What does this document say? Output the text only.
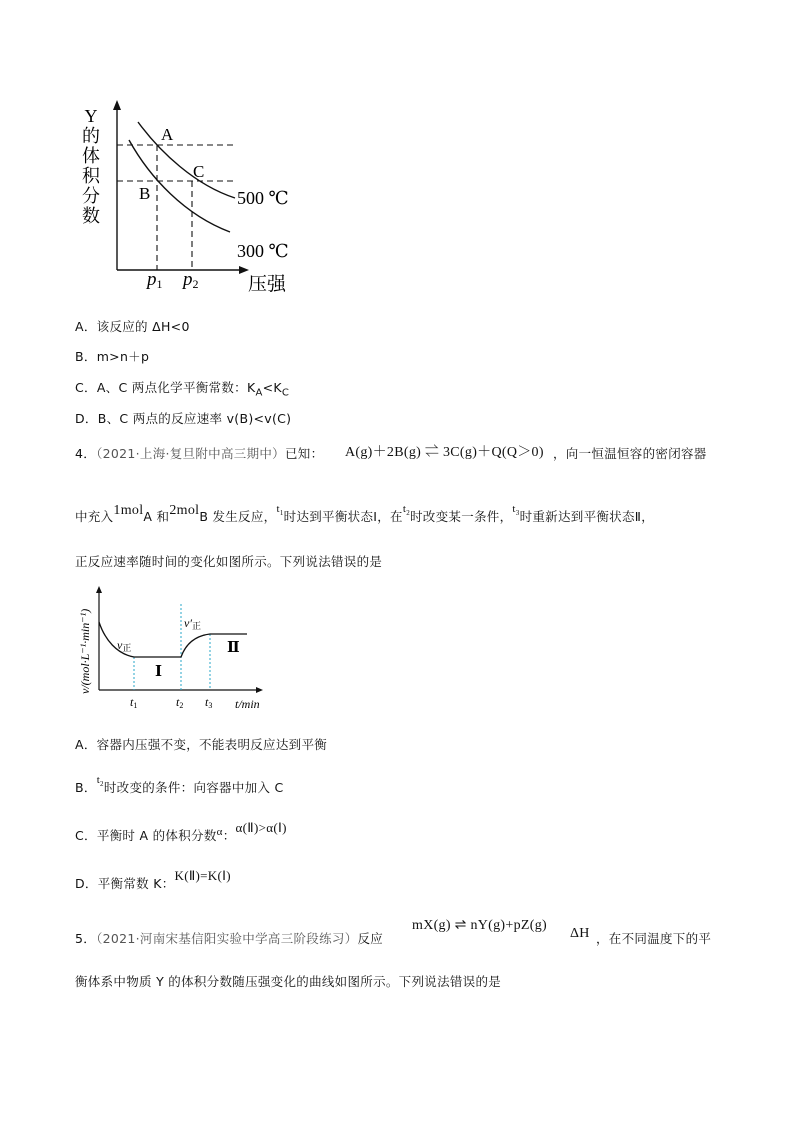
Y
的
体
积
分
数
A
C
B	500 ℃
300 ℃
p1 p2	压强
A．该反应的 ΔH<0
B．m>n＋p
C．A、C 两点化学平衡常数：$K_A<K_C$
D．B、C 两点的反应速率 v(B)<v(C)
4．（2021·上海·复旦附中高三期中）已知： A(g)＋2B(g) ⇌ 3C(g)＋Q(Q＞0) ，向一恒温恒容的密闭容器
中充入1molA 和2molB 发生反应，$t_1$时达到平衡状态Ⅰ，在$t_2$时改变某一条件，$t_3$时重新达到平衡状态Ⅱ，
正反应速率随时间的变化如图所示。下列说法错误的是
v/(mol·L⁻¹·min⁻¹) v正
v′正
Ⅰ
Ⅱ
t1	t2 t3 t/min
A．容器内压强不变，不能表明反应达到平衡
B．$t_2$时改变的条件：向容器中加入 C
C．平衡时 A 的体积分数α：α(Ⅱ)>α(Ⅰ)
D．平衡常数 K：K(Ⅱ)=K(Ⅰ)
5．（2021·河南宋基信阳实验中学高三阶段练习）反应
mX(g) ⇌ nY(g)+pZ(g)
ΔH ，在不同温度下的平
衡体系中物质 Y 的体积分数随压强变化的曲线如图所示。下列说法错误的是
